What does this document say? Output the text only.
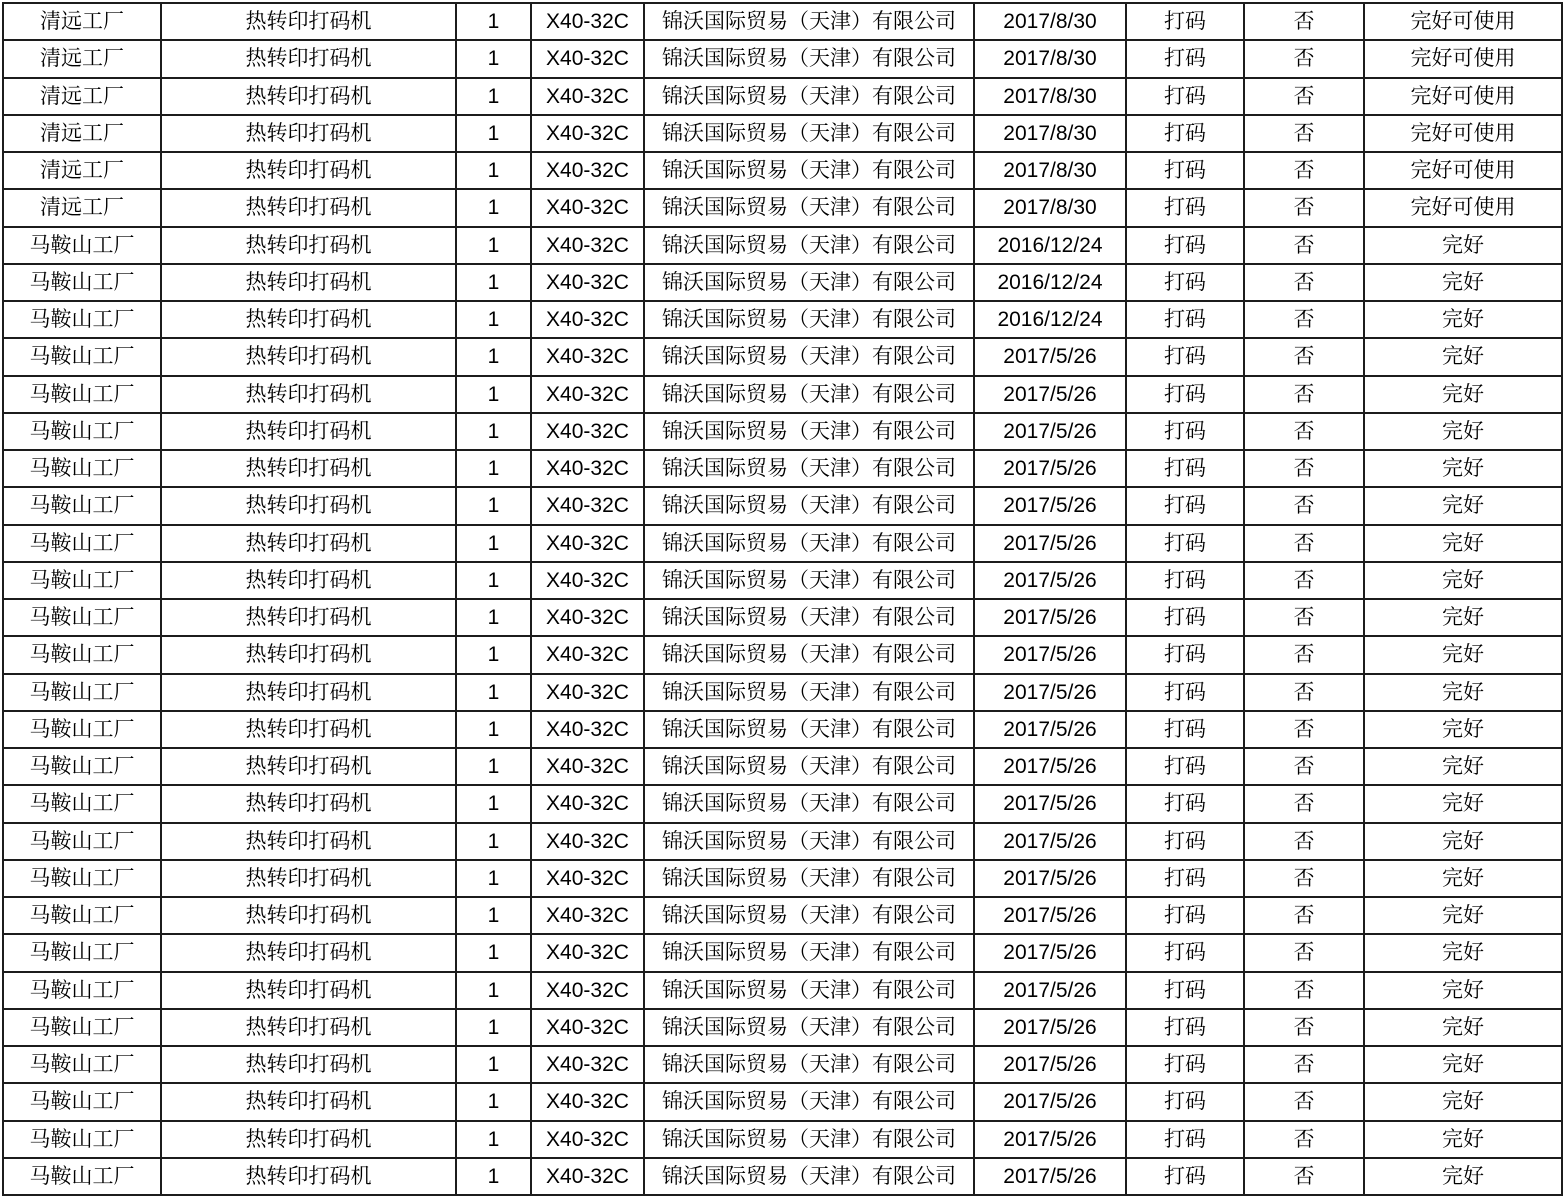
清远工厂	热转印打码机	1	X40-32C	锦沃国际贸易（天津）有限公司	2017/8/30	打码	否	完好可使用
清远工厂	热转印打码机	1	X40-32C	锦沃国际贸易（天津）有限公司	2017/8/30	打码	否	完好可使用
清远工厂	热转印打码机	1	X40-32C	锦沃国际贸易（天津）有限公司	2017/8/30	打码	否	完好可使用
清远工厂	热转印打码机	1	X40-32C	锦沃国际贸易（天津）有限公司	2017/8/30	打码	否	完好可使用
清远工厂	热转印打码机	1	X40-32C	锦沃国际贸易（天津）有限公司	2017/8/30	打码	否	完好可使用
清远工厂	热转印打码机	1	X40-32C	锦沃国际贸易（天津）有限公司	2017/8/30	打码	否	完好可使用
马鞍山工厂	热转印打码机	1	X40-32C	锦沃国际贸易（天津）有限公司	2016/12/24	打码	否	完好
马鞍山工厂	热转印打码机	1	X40-32C	锦沃国际贸易（天津）有限公司	2016/12/24	打码	否	完好
马鞍山工厂	热转印打码机	1	X40-32C	锦沃国际贸易（天津）有限公司	2016/12/24	打码	否	完好
马鞍山工厂	热转印打码机	1	X40-32C	锦沃国际贸易（天津）有限公司	2017/5/26	打码	否	完好
马鞍山工厂	热转印打码机	1	X40-32C	锦沃国际贸易（天津）有限公司	2017/5/26	打码	否	完好
马鞍山工厂	热转印打码机	1	X40-32C	锦沃国际贸易（天津）有限公司	2017/5/26	打码	否	完好
马鞍山工厂	热转印打码机	1	X40-32C	锦沃国际贸易（天津）有限公司	2017/5/26	打码	否	完好
马鞍山工厂	热转印打码机	1	X40-32C	锦沃国际贸易（天津）有限公司	2017/5/26	打码	否	完好
马鞍山工厂	热转印打码机	1	X40-32C	锦沃国际贸易（天津）有限公司	2017/5/26	打码	否	完好
马鞍山工厂	热转印打码机	1	X40-32C	锦沃国际贸易（天津）有限公司	2017/5/26	打码	否	完好
马鞍山工厂	热转印打码机	1	X40-32C	锦沃国际贸易（天津）有限公司	2017/5/26	打码	否	完好
马鞍山工厂	热转印打码机	1	X40-32C	锦沃国际贸易（天津）有限公司	2017/5/26	打码	否	完好
马鞍山工厂	热转印打码机	1	X40-32C	锦沃国际贸易（天津）有限公司	2017/5/26	打码	否	完好
马鞍山工厂	热转印打码机	1	X40-32C	锦沃国际贸易（天津）有限公司	2017/5/26	打码	否	完好
马鞍山工厂	热转印打码机	1	X40-32C	锦沃国际贸易（天津）有限公司	2017/5/26	打码	否	完好
马鞍山工厂	热转印打码机	1	X40-32C	锦沃国际贸易（天津）有限公司	2017/5/26	打码	否	完好
马鞍山工厂	热转印打码机	1	X40-32C	锦沃国际贸易（天津）有限公司	2017/5/26	打码	否	完好
马鞍山工厂	热转印打码机	1	X40-32C	锦沃国际贸易（天津）有限公司	2017/5/26	打码	否	完好
马鞍山工厂	热转印打码机	1	X40-32C	锦沃国际贸易（天津）有限公司	2017/5/26	打码	否	完好
马鞍山工厂	热转印打码机	1	X40-32C	锦沃国际贸易（天津）有限公司	2017/5/26	打码	否	完好
马鞍山工厂	热转印打码机	1	X40-32C	锦沃国际贸易（天津）有限公司	2017/5/26	打码	否	完好
马鞍山工厂	热转印打码机	1	X40-32C	锦沃国际贸易（天津）有限公司	2017/5/26	打码	否	完好
马鞍山工厂	热转印打码机	1	X40-32C	锦沃国际贸易（天津）有限公司	2017/5/26	打码	否	完好
马鞍山工厂	热转印打码机	1	X40-32C	锦沃国际贸易（天津）有限公司	2017/5/26	打码	否	完好
马鞍山工厂	热转印打码机	1	X40-32C	锦沃国际贸易（天津）有限公司	2017/5/26	打码	否	完好
马鞍山工厂	热转印打码机	1	X40-32C	锦沃国际贸易（天津）有限公司	2017/5/26	打码	否	完好
